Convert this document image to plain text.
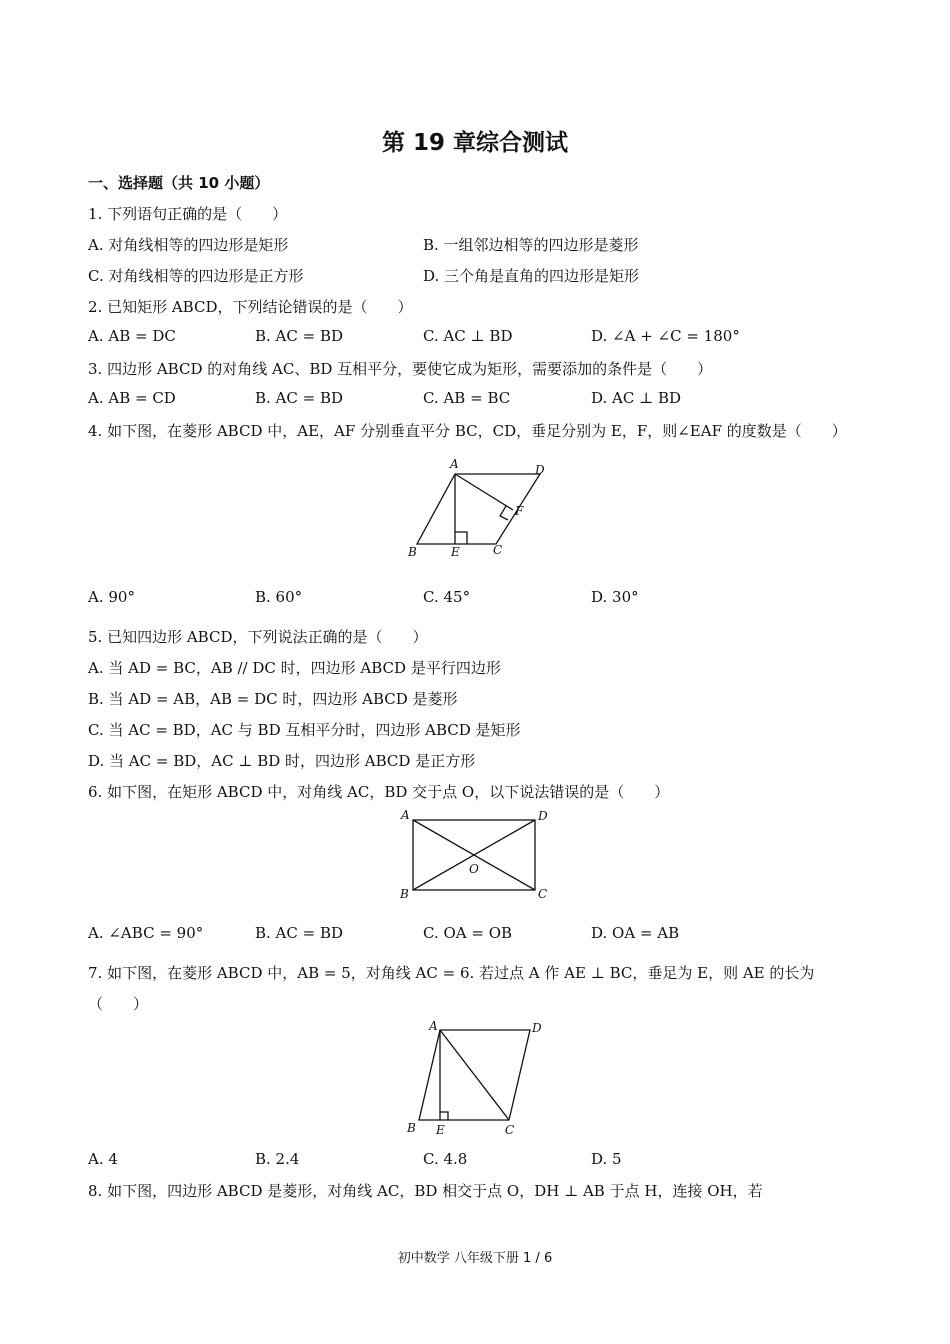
第 19 章综合测试
一、选择题（共 10 小题）
1. 下列语句正确的是（　　）
A. 对角线相等的四边形是矩形	B. 一组邻边相等的四边形是菱形
C. 对角线相等的四边形是正方形	D. 三个角是直角的四边形是矩形
2. 已知矩形 ABCD，下列结论错误的是（　　）
A. AB = DC	B. AC = BD	C. AC ⊥ BD	D. ∠A + ∠C = 180°
3. 四边形 ABCD 的对角线 AC、BD 互相平分，要使它成为矩形，需要添加的条件是（　　）
A. AB = CD	B. AC = BD	C. AB = BC	D. AC ⊥ BD
4. 如下图，在菱形 ABCD 中，AE，AF 分别垂直平分 BC，CD，垂足分别为 E，F，则∠EAF 的度数是（　　）
A	D
B	E	C
F
A. 90°	B. 60°	C. 45°	D. 30°
5. 已知四边形 ABCD，下列说法正确的是（　　）
A. 当 AD = BC，AB // DC 时，四边形 ABCD 是平行四边形
B. 当 AD = AB，AB = DC 时，四边形 ABCD 是菱形
C. 当 AC = BD，AC 与 BD 互相平分时，四边形 ABCD 是矩形
D. 当 AC = BD，AC ⊥ BD 时，四边形 ABCD 是正方形
6. 如下图，在矩形 ABCD 中，对角线 AC，BD 交于点 O，以下说法错误的是（　　）
A	D
B	C
O
A. ∠ABC = 90°	B. AC = BD	C. OA = OB	D. OA = AB
7. 如下图，在菱形 ABCD 中，AB = 5，对角线 AC = 6. 若过点 A 作 AE ⊥ BC，垂足为 E，则 AE 的长为
（　　）
A	D
B E	C
A. 4	B. 2.4	C. 4.8	D. 5
8. 如下图，四边形 ABCD 是菱形，对角线 AC，BD 相交于点 O，DH ⊥ AB 于点 H，连接 OH，若
初中数学 八年级下册 1 / 6
